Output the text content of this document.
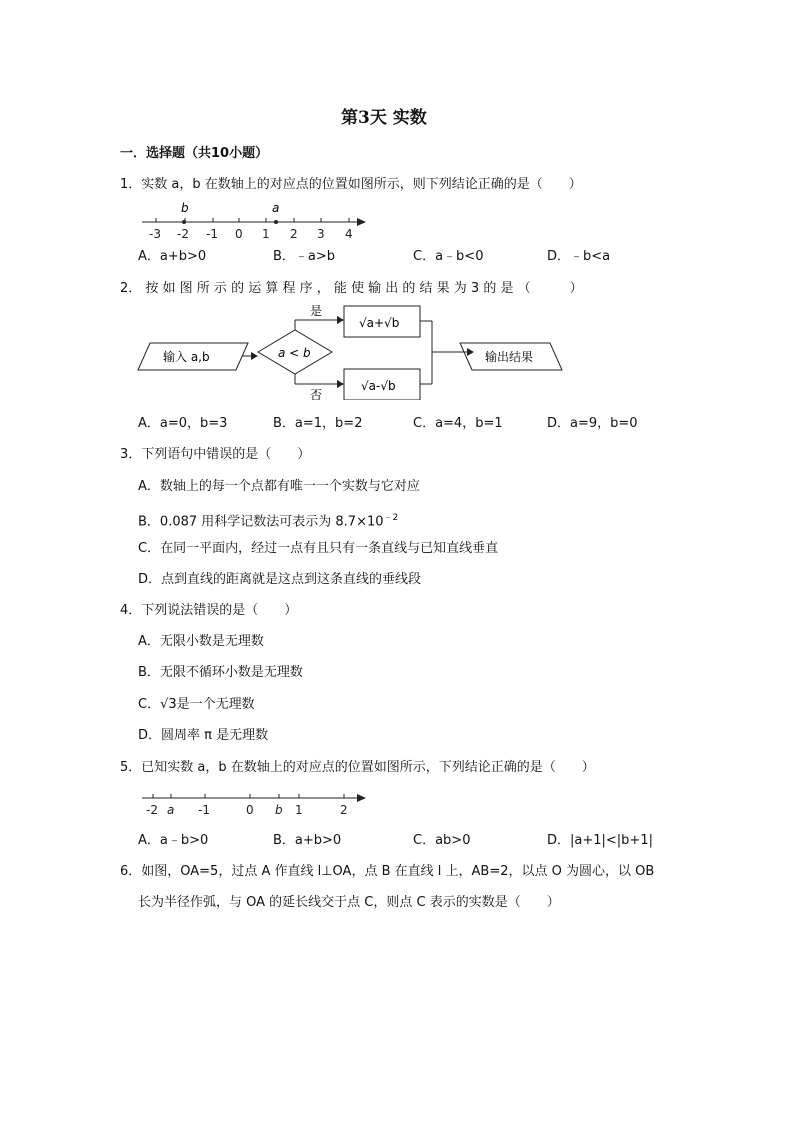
第3天 实数
一．选择题（共10小题）
1．实数 a，b 在数轴上的对应点的位置如图所示，则下列结论正确的是（　　）
b	a
-3 -2 -1 0 1 2 3 4
A．a+b>0	B．﹣a>b	C．a﹣b<0	D．﹣b<a
2． 按 如 图 所 示 的 运 算 程 序 ， 能 使 输 出 的 结 果 为 3 的 是 （　　　）
输入 a,b	a < b
是
√a+√b
否
√a-√b
输出结果
A．a=0，b=3	B．a=1，b=2	C．a=4，b=1	D．a=9，b=0
3．下列语句中错误的是（　　）
A．数轴上的每一个点都有唯一一个实数与它对应
B．0.087 用科学记数法可表示为 $8.7\times 10^{﹣2}$
C．在同一平面内，经过一点有且只有一条直线与已知直线垂直
D．点到直线的距离就是这点到这条直线的垂线段
4．下列说法错误的是（　　）
A．无限小数是无理数
B．无限不循环小数是无理数
C．√3是一个无理数
D．圆周率 π 是无理数
5．已知实数 a，b 在数轴上的对应点的位置如图所示，下列结论正确的是（　　）
-2 a -1	0 b 1	2
A．a﹣b>0	B．a+b>0	C．ab>0	D．|a+1|<|b+1|
6．如图，OA=5，过点 A 作直线 l⊥OA，点 B 在直线 l 上，AB=2，以点 O 为圆心，以 OB
长为半径作弧，与 OA 的延长线交于点 C，则点 C 表示的实数是（　　）
